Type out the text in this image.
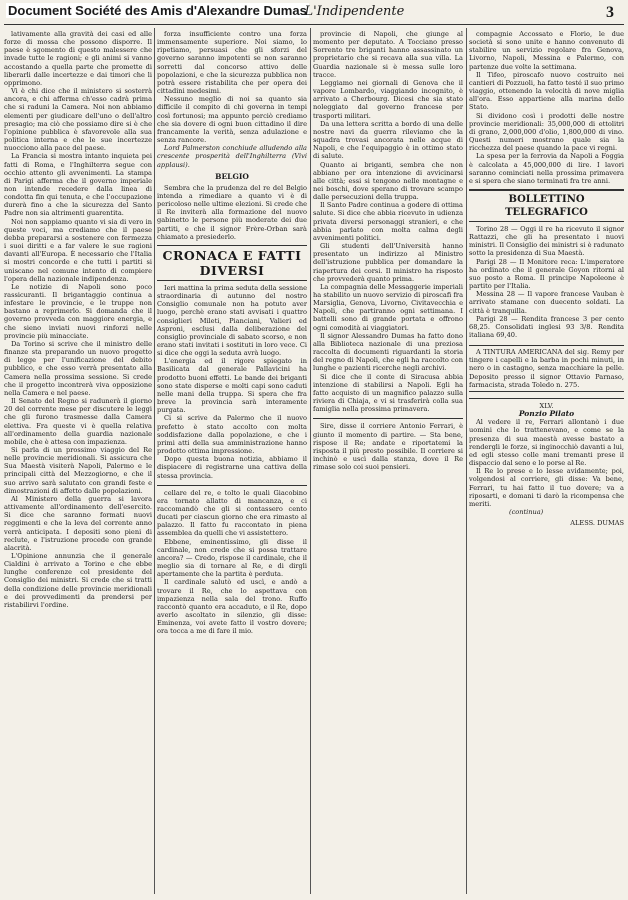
Document Société des Amis d'Alexandre Dumas L'Indipendente	3

lativamente alla gravità dei casi ed alle forze di mossa che possono disporre. Il paese è sgomento di questo malessere che invade tutte le ragioni; e gli animi si vanno accostando a quella parte che promette di liberarli dalle incertezze e dai timori che li opprimono.

Vi è chi dice che il ministero si sosterrà ancora, e chi afferma ch'esso cadrà prima che si raduni la Camera. Noi non abbiamo elementi per giudicare dell'uno o dell'altro presagio; ma ciò che possiamo dire si è che l'opinione pubblica è sfavorevole alla sua politica interna e che le sue incertezze nuocciono alla pace del paese.

La Francia si mostra intanto inquieta pei fatti di Roma, e l'Inghilterra segue con occhio attento gli avvenimenti. La stampa di Parigi afferma che il governo imperiale non intende recedere dalla linea di condotta fin qui tenuta, e che l'occupazione durerà fino a che la sicurezza del Santo Padre non sia altrimenti guarentita.

Noi non sappiamo quanto vi sia di vero in queste voci, ma crediamo che il paese debba prepararsi a sostenere con fermezza i suoi diritti e a far valere le sue ragioni davanti all'Europa. È necessario che l'Italia si mostri concorde e che tutti i partiti si uniscano nel comune intento di compiere l'opera della nazionale indipendenza.

Le notizie di Napoli sono poco rassicuranti. Il brigantaggio continua a infestare le provincie, e le truppe non bastano a reprimerlo. Si domanda che il governo provveda con maggiore energia, e che sieno inviati nuovi rinforzi nelle provincie più minacciate.

Da Torino si scrive che il ministro delle finanze sta preparando un nuovo progetto di legge per l'unificazione del debito pubblico, e che esso verrà presentato alla Camera nella prossima sessione. Si crede che il progetto incontrerà viva opposizione nella Camera e nel paese.

Il Senato del Regno si radunerà il giorno 20 del corrente mese per discutere le leggi che gli furono trasmesse dalla Camera elettiva. Fra queste vi è quella relativa all'ordinamento della guardia nazionale mobile, che è attesa con impazienza.

Si parla di un prossimo viaggio del Re nelle provincie meridionali. Si assicura che Sua Maestà visiterà Napoli, Palermo e le principali città del Mezzogiorno, e che il suo arrivo sarà salutato con grandi feste e dimostrazioni di affetto dalle popolazioni.

Al Ministero della guerra si lavora attivamente all'ordinamento dell'esercito. Si dice che saranno formati nuovi reggimenti e che la leva del corrente anno verrà anticipata. I depositi sono pieni di reclute, e l'istruzione procede con grande alacrità.

L'Opinione annunzia che il generale Cialdini è arrivato a Torino e che ebbe lunghe conferenze col presidente del Consiglio dei ministri. Si crede che si tratti della condizione delle provincie meridionali e dei provvedimenti da prendersi per ristabilirvi l'ordine.

forza insufficiente contro una forza immensamente superiore. Noi siamo, lo ripetiamo, persuasi che gli sforzi del governo saranno impotenti se non saranno sorretti dal concorso attivo delle popolazioni, e che la sicurezza pubblica non potrà essere ristabilita che per opera dei cittadini medesimi.

Nessuno meglio di noi sa quanto sia difficile il compito di chi governa in tempi così fortunosi; ma appunto perciò crediamo che sia dovere di ogni buon cittadino il dire francamente la verità, senza adulazione e senza rancore.

Lord Palmerston conchiude alludendo alla crescente prosperità dell'Inghilterra (Vivi applausi).

BELGIO

Sembra che la prudenza del re del Belgio intenda a rimediare a quanto vi è di pericoloso nelle ultime elezioni. Si crede che il Re inviterà alla formazione del nuovo gabinetto le persone più moderate dei due partiti, e che il signor Frère-Orban sarà chiamato a presiederlo.

CRONACA E FATTI DIVERSI

Ieri mattina la prima seduta della sessione straordinaria di autunno del nostro Consiglio comunale non ha potuto aver luogo, perchè erano stati avvisati i quattro consiglieri Mileti, Pianciani, Valieri ed Asproni, esclusi dalla deliberazione del consiglio provinciale di sabato scorso, e non erano stati invitati i sostituti in loro vece. Ci si dice che oggi la seduta avrà luogo.

L'energia ed il rigore spiegato in Basilicata dal generale Pallavicini ha prodotto buoni effetti. Le bande dei briganti sono state disperse e molti capi sono caduti nelle mani della truppa. Si spera che fra breve la provincia sarà interamente purgata.

Ci si scrive da Palermo che il nuovo prefetto è stato accolto con molta soddisfazione dalla popolazione, e che i primi atti della sua amministrazione hanno prodotto ottima impressione.

Dopo questa buona notizia, abbiamo il dispiacere di registrarne una cattiva della stessa provincia.

cellare del re, e tolto le quali Giacobino era tornato allatto di mancanza, e ci raccomandò che gli si contassero cento ducati per ciascun giorno che era rimasto al palazzo. Il fatto fu raccontato in piena assemblea da quelli che vi assistettero.

Ebbene, eminentissimo, gli disse il cardinale, non crede che si possa trattare ancora? — Credo, rispose il cardinale, che il meglio sia di tornare al Re, e di dirgli apertamente che la partita è perduta.

Il cardinale salutò ed uscì, e andò a trovare il Re, che lo aspettava con impazienza nella sala del trono. Ruffo raccontò quanto era accaduto, e il Re, dopo averlo ascoltato in silenzio, gli disse: Eminenza, voi avete fatto il vostro dovere; ora tocca a me di fare il mio.

provincie di Napoli, che giunge al momento per deputato. A Tocciano presso Sorrento tre briganti hanno assassinato un proprietario che si recava alla sua villa. La Guardia nazionale si è messa sulle loro tracce.

Leggiamo nei giornali di Genova che il vapore Lombardo, viaggiando incognito, è arrivato a Cherbourg. Dicesi che sia stato noleggiato dal governo francese per trasporti militari.

Da una lettera scritta a bordo di una delle nostre navi da guerra rileviamo che la squadra trovasi ancorata nelle acque di Napoli, e che l'equipaggio è in ottimo stato di salute.

Quanto ai briganti, sembra che non abbiano per ora intenzione di avvicinarsi alle città; essi si tengono nelle montagne e nei boschi, dove sperano di trovare scampo dalle persecuzioni della truppa.

Il Santo Padre continua a godere di ottima salute. Si dice che abbia ricevuto in udienza privata diversi personaggi stranieri, e che abbia parlato con molta calma degli avvenimenti politici.

Gli studenti dell'Università hanno presentato un indirizzo al Ministro dell'istruzione pubblica per domandare la riapertura dei corsi. Il ministro ha risposto che provvederà quanto prima.

La compagnia delle Messaggerie imperiali ha stabilito un nuovo servizio di piroscafi fra Marsiglia, Genova, Livorno, Civitavecchia e Napoli, che partiranno ogni settimana. I battelli sono di grande portata e offrono ogni comodità ai viaggiatori.

Il signor Alessandro Dumas ha fatto dono alla Biblioteca nazionale di una preziosa raccolta di documenti riguardanti la storia del regno di Napoli, che egli ha raccolto con lunghe e pazienti ricerche negli archivi.

Si dice che il conte di Siracusa abbia intenzione di stabilirsi a Napoli. Egli ha fatto acquisto di un magnifico palazzo sulla riviera di Chiaja, e vi si trasferirà colla sua famiglia nella prossima primavera.

Sire, disse il corriere Antonio Ferrari, è giunto il momento di partire. — Sta bene, rispose il Re; andate e riportatemi la risposta il più presto possibile. Il corriere si inchinò e uscì dalla stanza, dove il Re rimase solo coi suoi pensieri.

compagnie Accossato e Florio, le due società si sono unite e hanno convenuto di stabilire un servizio regolare fra Genova, Livorno, Napoli, Messina e Palermo, con partenze due volte la settimana.

Il Tifeo, piroscafo nuovo costruito nei cantieri di Pozzuoli, ha fatto testé il suo primo viaggio, ottenendo la velocità di nove miglia all'ora. Esso appartiene alla marina dello Stato.

Si dividono così i prodotti delle nostre provincie meridionali: 35,000,000 di ettolitri di grano, 2,000,000 d'olio, 1,800,000 di vino. Questi numeri mostrano quale sia la ricchezza del paese quando la pace vi regni.

La spesa per la ferrovia da Napoli a Foggia è calcolata a 45,000,000 di lire. I lavori saranno cominciati nella prossima primavera e si spera che siano terminati fra tre anni.

BOLLETTINO TELEGRAFICO

Torino 28 — Oggi il re ha ricevuto il signor Rattazzi, che gli ha presentato i nuovi ministri. Il Consiglio dei ministri si è radunato sotto la presidenza di Sua Maestà.

Parigi 28 — Il Monitore reca: L'imperatore ha ordinato che il generale Goyon ritorni al suo posto a Roma. Il principe Napoleone è partito per l'Italia.

Messina 28 — Il vapore francese Vauban è arrivato stamane con duecento soldati. La città è tranquilla.

Parigi 28 — Rendita francese 3 per cento 68,25. Consolidati inglesi 93 3/8. Rendita italiana 69,40.

A TINTURA AMERICANA del sig. Remy per tingere i capelli e la barba in pochi minuti, in nero o in castagno, senza macchiare la pelle. Deposito presso il signor Ottavio Parnaso, farmacista, strada Toledo n. 275.

XLV.

Ponzio Pilato

Al vedere il re, Ferrari allontanò i due uomini che lo trattenevano, e come se la presenza di sua maestà avesse bastato a rendergli le forze, si inginocchiò davanti a lui, ed egli stesso colle mani tremanti prese il dispaccio dal seno e lo porse al Re.

Il Re lo prese e lo lesse avidamente; poi, volgendosi al corriere, gli disse: Va bene, Ferrari, tu hai fatto il tuo dovere; va a riposarti, e domani ti darò la ricompensa che meriti.

(continua)

ALESS. DUMAS
